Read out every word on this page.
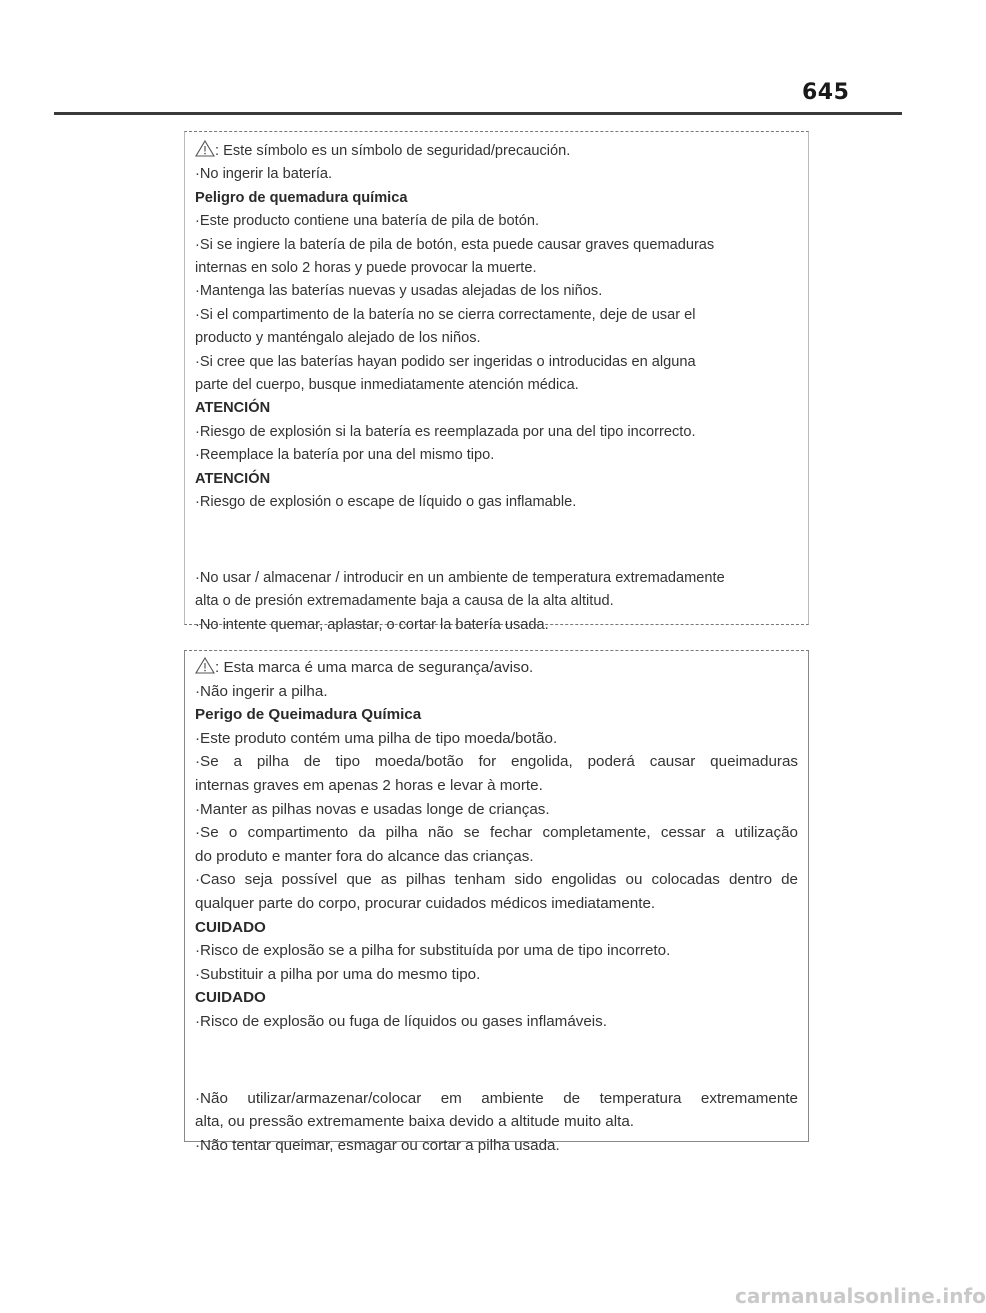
645

: Este símbolo es un símbolo de seguridad/precaución.

·No ingerir la batería.

Peligro de quemadura química

·Este producto contiene una batería de pila de botón.

·Si se ingiere la batería de pila de botón, esta puede causar graves quemaduras

internas en solo 2 horas y puede provocar la muerte.

·Mantenga las baterías nuevas y usadas alejadas de los niños.

·Si el compartimento de la batería no se cierra correctamente, deje de usar el

producto y manténgalo alejado de los niños.

·Si cree que las baterías hayan podido ser ingeridas o introducidas en alguna

parte del cuerpo, busque inmediatamente atención médica.

ATENCIÓN

·Riesgo de explosión si la batería es reemplazada por una del tipo incorrecto.

·Reemplace la batería por una del mismo tipo.

ATENCIÓN

·Riesgo de explosión o escape de líquido o gas inflamable.

·No usar / almacenar / introducir en un ambiente de temperatura extremadamente

alta o de presión extremadamente baja a causa de la alta altitud.

·No intente quemar, aplastar, o cortar la batería usada.

: Esta marca é uma marca de segurança/aviso.

·Não ingerir a pilha.

Perigo de Queimadura Química

·Este produto contém uma pilha de tipo moeda/botão.

·Se a pilha de tipo moeda/botão for engolida, poderá causar queimaduras

internas graves em apenas 2 horas e levar à morte.

·Manter as pilhas novas e usadas longe de crianças.

·Se o compartimento da pilha não se fechar completamente, cessar a utilização

do produto e manter fora do alcance das crianças.

·Caso seja possível que as pilhas tenham sido engolidas ou colocadas dentro de

qualquer parte do corpo, procurar cuidados médicos imediatamente.

CUIDADO

·Risco de explosão se a pilha for substituída por uma de tipo incorreto.

·Substituir a pilha por uma do mesmo tipo.

CUIDADO

·Risco de explosão ou fuga de líquidos ou gases inflamáveis.

·Não utilizar/armazenar/colocar em ambiente de temperatura extremamente

alta, ou pressão extremamente baixa devido a altitude muito alta.

·Não tentar queimar, esmagar ou cortar a pilha usada.

carmanualsonline.info
